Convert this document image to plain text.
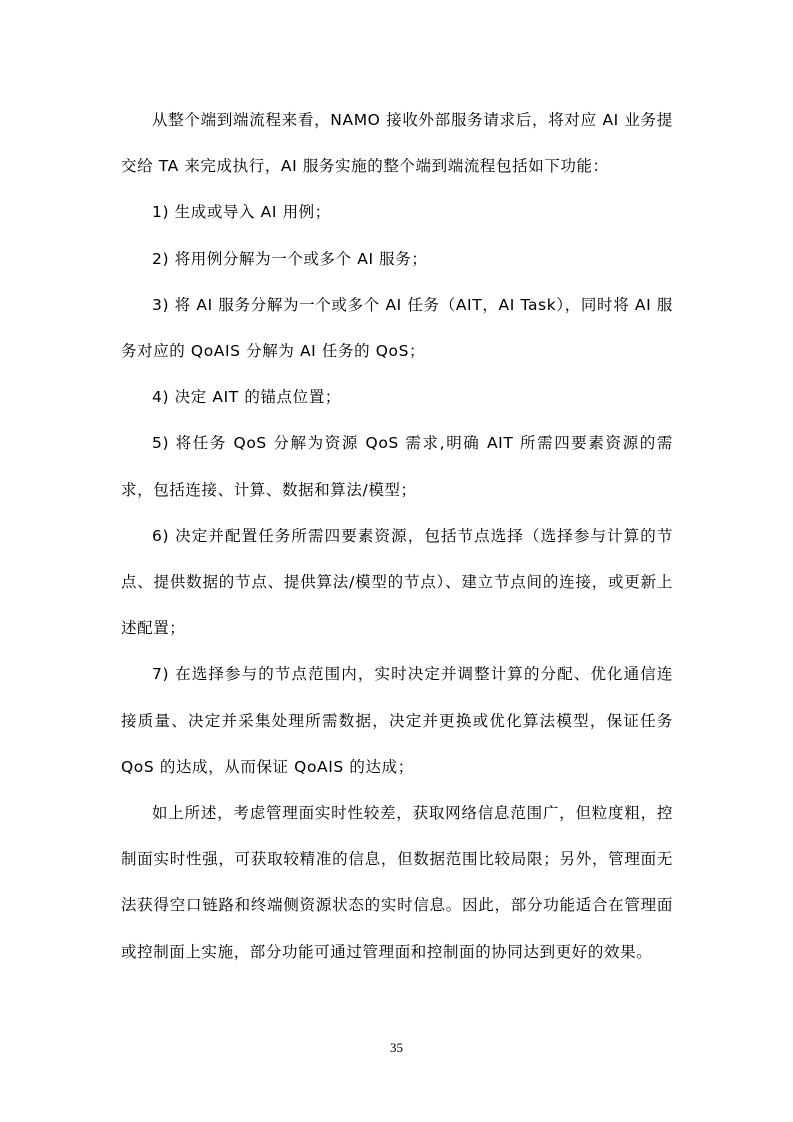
从整个端到端流程来看，NAMO 接收外部服务请求后，将对应 AI 业务提交给 TA 来完成执行，AI 服务实施的整个端到端流程包括如下功能：

1) 生成或导入 AI 用例；

2) 将用例分解为一个或多个 AI 服务；

3) 将 AI 服务分解为一个或多个 AI 任务（AIT，AI Task），同时将 AI 服务对应的 QoAIS 分解为 AI 任务的 QoS；

4) 决定 AIT 的锚点位置；

5) 将任务 QoS 分解为资源 QoS 需求,明确 AIT 所需四要素资源的需求，包括连接、计算、数据和算法/模型；

6) 决定并配置任务所需四要素资源，包括节点选择（选择参与计算的节点、提供数据的节点、提供算法/模型的节点）、建立节点间的连接，或更新上述配置；

7) 在选择参与的节点范围内，实时决定并调整计算的分配、优化通信连接质量、决定并采集处理所需数据，决定并更换或优化算法模型，保证任务 QoS 的达成，从而保证 QoAIS 的达成；

如上所述，考虑管理面实时性较差，获取网络信息范围广，但粒度粗，控制面实时性强，可获取较精准的信息，但数据范围比较局限；另外，管理面无法获得空口链路和终端侧资源状态的实时信息。因此，部分功能适合在管理面或控制面上实施，部分功能可通过管理面和控制面的协同达到更好的效果。

35
